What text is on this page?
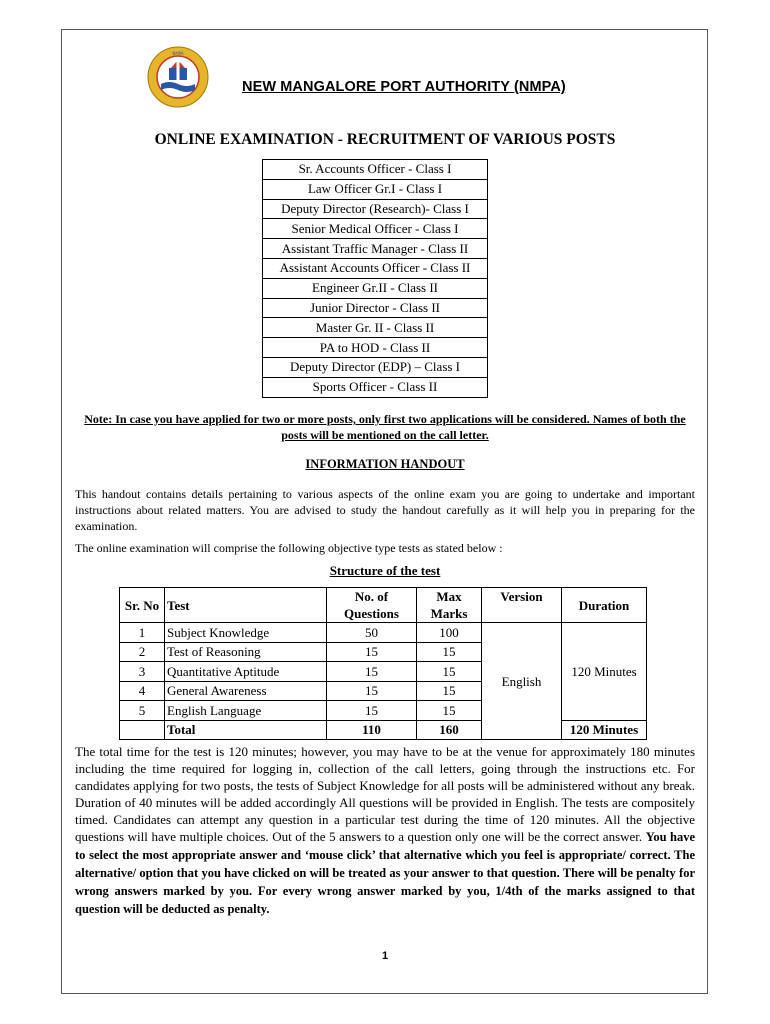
NMPA
NEW MANGALORE PORT AUTHORITY (NMPA)
ONLINE EXAMINATION - RECRUITMENT OF VARIOUS POSTS
Sr. Accounts Officer - Class I
Law Officer Gr.I - Class I
Deputy Director (Research)- Class I
Senior Medical Officer - Class I
Assistant Traffic Manager - Class II
Assistant Accounts Officer - Class II
Engineer Gr.II - Class II
Junior Director - Class II
Master Gr. II - Class II
PA to HOD - Class II
Deputy Director (EDP) – Class I
Sports Officer - Class II
Note: In case you have applied for two or more posts, only first two applications will be considered. Names of both the posts will be mentioned on the call letter.
INFORMATION HANDOUT
This handout contains details pertaining to various aspects of the online exam you are going to undertake and important instructions about related matters. You are advised to study the handout carefully as it will help you in preparing for the examination.
The online examination will comprise the following objective type tests as stated below :
Structure of the test
Sr. No	Test	No. of Questions	Max Marks	Version	Duration
1	Subject Knowledge	50	100	English	120 Minutes
2	Test of Reasoning	15	15		
3	Quantitative Aptitude	15	15		
4	General Awareness	15	15		
5	English Language	15	15		
	Total	110	160		120 Minutes
The total time for the test is 120 minutes; however, you may have to be at the venue for approximately 180 minutes including the time required for logging in, collection of the call letters, going through the instructions etc. For candidates applying for two posts, the tests of Subject Knowledge for all posts will be administered without any break. Duration of 40 minutes will be added accordingly All questions will be provided in English. The tests are compositely timed. Candidates can attempt any question in a particular test during the time of 120 minutes. All the objective questions will have multiple choices. Out of the 5 answers to a question only one will be the correct answer. You have to select the most appropriate answer and ‘mouse click’ that alternative which you feel is appropriate/ correct. The alternative/ option that you have clicked on will be treated as your answer to that question. There will be penalty for wrong answers marked by you. For every wrong answer marked by you, 1/4th of the marks assigned to that question will be deducted as penalty.
1
